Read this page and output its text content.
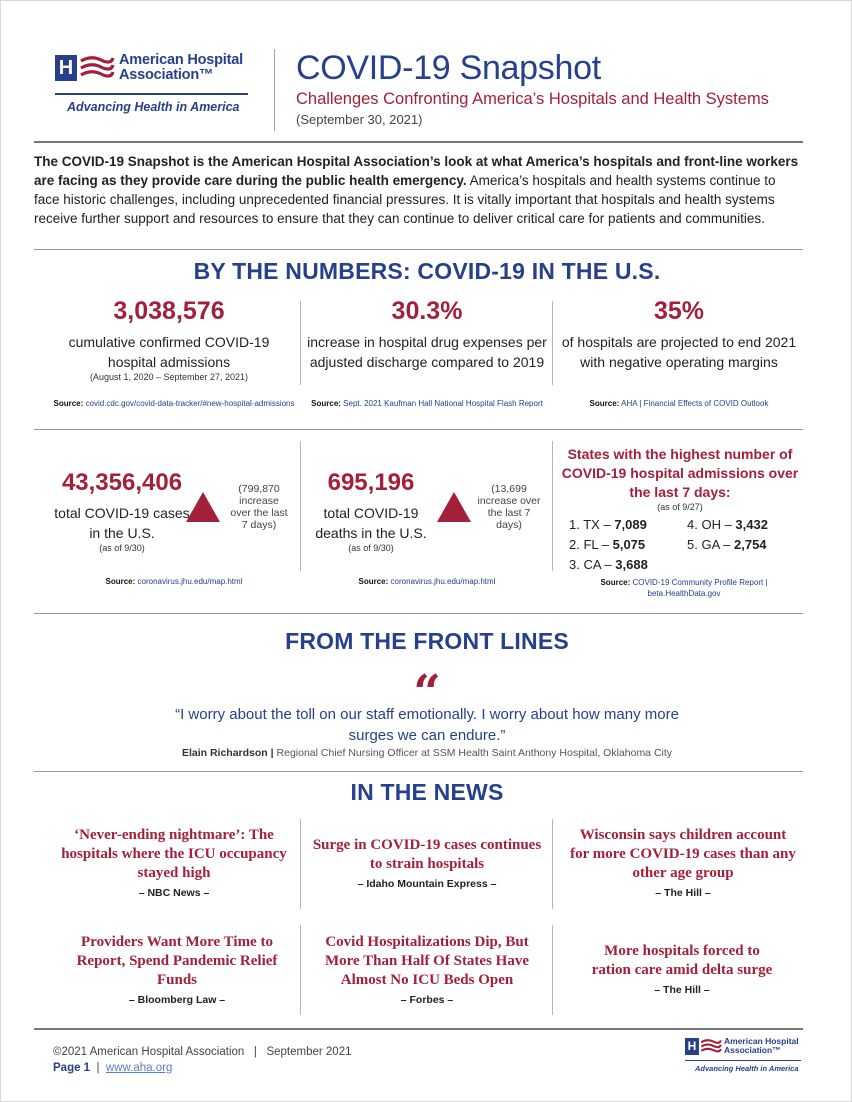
H	American Hospital
Association™
Advancing Health in America
COVID-19 Snapshot
Challenges Confronting America’s Hospitals and Health Systems
(September 30, 2021)
The COVID-19 Snapshot is the American Hospital Association’s look at what America’s hospitals and front-line workers are facing as they provide care during the public health emergency. America’s hospitals and health systems continue to face historic challenges, including unprecedented financial pressures. It is vitally important that hospitals and health systems receive further support and resources to ensure that they can continue to deliver critical care for patients and communities.
BY THE NUMBERS: COVID-19 IN THE U.S.
3,038,576
cumulative confirmed COVID-19 hospital admissions
(August 1, 2020 – September 27, 2021)
Source: covid.cdc.gov/covid-data-tracker/#new-hospital-admissions
30.3%
increase in hospital drug expenses per adjusted discharge compared to 2019
Source: Sept. 2021 Kaufman Hall National Hospital Flash Report
35%
of hospitals are projected to end 2021 with negative operating margins
Source: AHA | Financial Effects of COVID Outlook
43,356,406
total COVID-19 cases in the U.S.
(as of 9/30)
(799,870 increase over the last 7 days)
Source: coronavirus.jhu.edu/map.html
695,196
total COVID-19 deaths in the U.S.
(as of 9/30)
(13,699 increase over the last 7 days)
Source: coronavirus.jhu.edu/map.html
States with the highest number of COVID-19 hospital admissions over the last 7 days:
(as of 9/27)
1. TX – 7,089
2. FL – 5,075
3. CA – 3,688
4. OH – 3,432
5. GA – 2,754
Source: COVID-19 Community Profile Report | beta.HealthData.gov
FROM THE FRONT LINES
“
“I worry about the toll on our staff emotionally. I worry about how many more surges we can endure.”
Elain Richardson | Regional Chief Nursing Officer at SSM Health Saint Anthony Hospital, Oklahoma City
IN THE NEWS
‘Never-ending nightmare’: The hospitals where the ICU occupancy stayed high
– NBC News –
Surge in COVID-19 cases continues to strain hospitals
– Idaho Mountain Express –
Wisconsin says children account for more COVID-19 cases than any other age group
– The Hill –
Providers Want More Time to Report, Spend Pandemic Relief Funds
– Bloomberg Law –
Covid Hospitalizations Dip, But More Than Half Of States Have Almost No ICU Beds Open
– Forbes –
More hospitals forced to ration care amid delta surge
– The Hill –
©2021 American Hospital Association   |   September 2021
Page 1 | www.aha.org
H	American Hospital
Association™
Advancing Health in America
